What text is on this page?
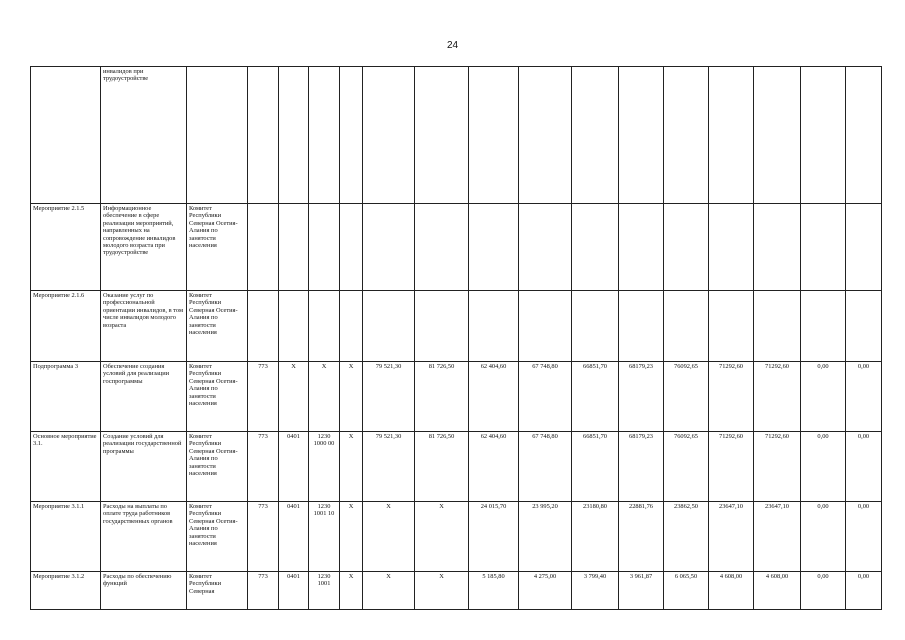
24
	инвалидов при трудоустройстве																
Мероприятие 2.1.5	Информационное обеспечение в сфере реализации мероприятий, направленных на сопровождение инвалидов молодого возраста при трудоустройстве	Комитет Республики Северная Осетия-Алания по занятости населения															
Мероприятие 2.1.6	Оказание услуг по профессиональной ориентации инвалидов, в том числе инвалидов молодого возраста	Комитет Республики Северная Осетия-Алания по занятости населения															
Подпрограмма 3	Обеспечение создания условий для реализации госпрограммы	Комитет Республики Северная Осетия-Алания по занятости населения	773	X	X	X	79 521,30	81 726,50	62 404,60	67 748,80	66851,70	68179,23	76092,65	71292,60	71292,60	0,00	0,00
Основное мероприятие 3.1.	Создание условий для реализации государственной программы	Комитет Республики Северная Осетия-Алания по занятости населения	773	0401	1230 1000 00	X	79 521,30	81 726,50	62 404,60	67 748,80	66851,70	68179,23	76092,65	71292,60	71292,60	0,00	0,00
Мероприятие 3.1.1	Расходы на выплаты по оплате труда работников государственных органов	Комитет Республики Северная Осетия-Алания по занятости населения	773	0401	1230 1001 10	X	X	X	24 015,70	23 995,20	23180,80	22881,76	23862,50	23647,10	23647,10	0,00	0,00
Мероприятие 3.1.2	Расходы по обеспечению функций	Комитет Республики Северная	773	0401	1230 1001	X	X	X	5 185,80	4 275,00	3 799,40	3 961,87	6 065,50	4 608,00	4 608,00	0,00	0,00
